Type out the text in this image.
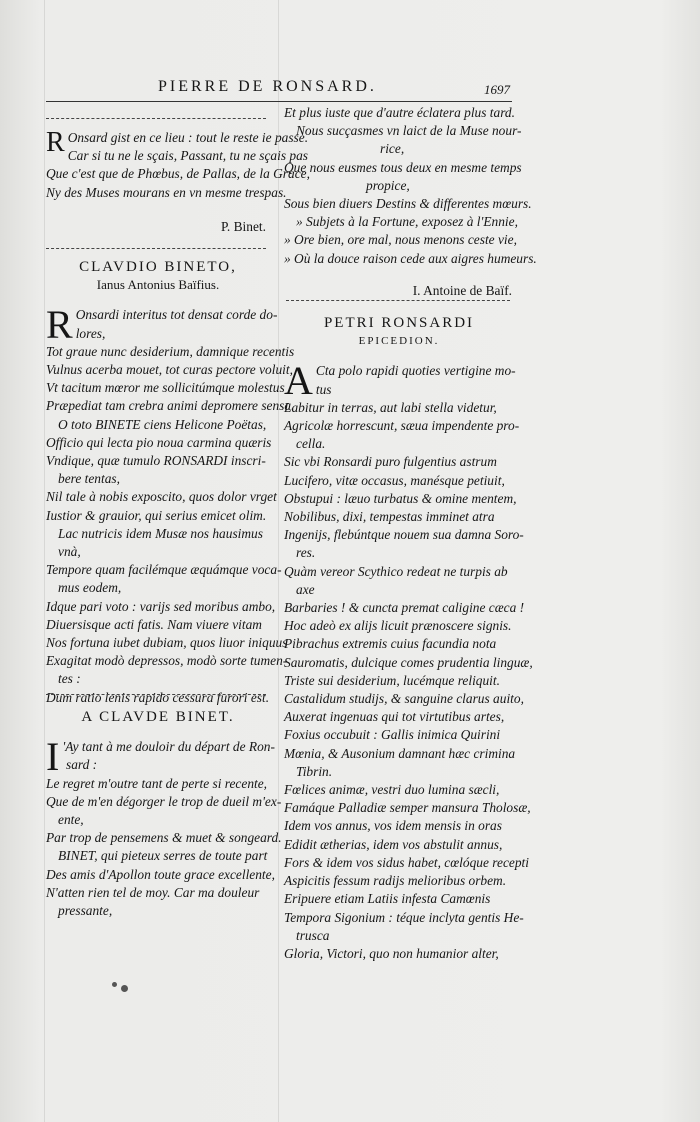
PIERRE DE RONSARD.	1697
R Onsard gist en ce lieu : tout le reste ie passe.
Car si tu ne le sçais, Passant, tu ne sçais pas
Que c'est que de Phœbus, de Pallas, de la Grace,
Ny des Muses mourans en vn mesme trespas.
P. Binet.
CLAVDIO BINETO,
Ianus Antonius Baïfius.
R Onsardi interitus tot densat corde do-
lores,
Tot graue nunc desiderium, damnique recentis
Vulnus acerba mouet, tot curas pectore voluit,
Vt tacitum mœror me sollicitúmque molestus
Præpediat tam crebra animi depromere sensa.
O toto BINETE ciens Helicone Poëtas,
Officio qui lecta pio noua carmina quæris
Vndique, quæ tumulo RONSARDI inscri-
bere tentas,
Nil tale à nobis exposcito, quos dolor vrget
Iustior & grauior, qui serius emicet olim.
Lac nutricis idem Musæ nos hausimus
vnà,
Tempore quam facilémque æquámque voca-
mus eodem,
Idque pari voto : varijs sed moribus ambo,
Diuersisque acti fatis. Nam viuere vitam
Nos fortuna iubet dubiam, quos liuor iniquus
Exagitat modò depressos, modò sorte tumen-
tes :
Dum ratio lenis rapido cessura furori est.
A CLAVDE BINET.
I 'Ay tant à me douloir du départ de Ron-
sard :
Le regret m'outre tant de perte si recente,
Que de m'en dégorger le trop de dueil m'ex-
ente,
Par trop de pensemens & muet & songeard.
BINET, qui pieteux serres de toute part
Des amis d'Apollon toute grace excellente,
N'atten rien tel de moy. Car ma douleur
pressante,
Et plus iuste que d'autre éclatera plus tard.
Nous sucçasmes vn laict de la Muse nour-
rice,
Que nous eusmes tous deux en mesme temps
propice,
Sous bien diuers Destins & differentes mœurs.
» Subjets à la Fortune, exposez à l'Ennie,
» Ore bien, ore mal, nous menons ceste vie,
» Où la douce raison cede aux aigres humeurs.
I. Antoine de Baïf.
PETRI RONSARDI
EPICEDION.
A Cta polo rapidi quoties vertigine mo-
tus
Labitur in terras, aut labi stella videtur,
Agricolæ horrescunt, sæua impendente pro-
cella.
Sic vbi Ronsardi puro fulgentius astrum
Lucifero, vitæ occasus, manésque petiuit,
Obstupui : læuo turbatus & omine mentem,
Nobilibus, dixi, tempestas imminet atra
Ingenijs, flebúntque nouem sua damna Soro-
res.
Quàm vereor Scythico redeat ne turpis ab
axe
Barbaries ! & cuncta premat caligine cæca !
Hoc adeò ex alijs licuit prænoscere signis.
Pibrachus extremis cuius facundia nota
Sauromatis, dulcique comes prudentia linguæ,
Triste sui desiderium, lucémque reliquit.
Castalidum studijs, & sanguine clarus auito,
Auxerat ingenuas qui tot virtutibus artes,
Foxius occubuit : Gallis inimica Quirini
Mœnia, & Ausonium damnant hæc crimina
Tibrin.
Fœlices animæ, vestri duo lumina sæcli,
Famáque Palladiæ semper mansura Tholosæ,
Idem vos annus, vos idem mensis in oras
Edidit ætherias, idem vos abstulit annus,
Fors & idem vos sidus habet, cœlóque recepti
Aspicitis fessum radijs melioribus orbem.
Eripuere etiam Latiis infesta Camœnis
Tempora Sigonium : téque inclyta gentis He-
trusca
Gloria, Victori, quo non humanior alter,
